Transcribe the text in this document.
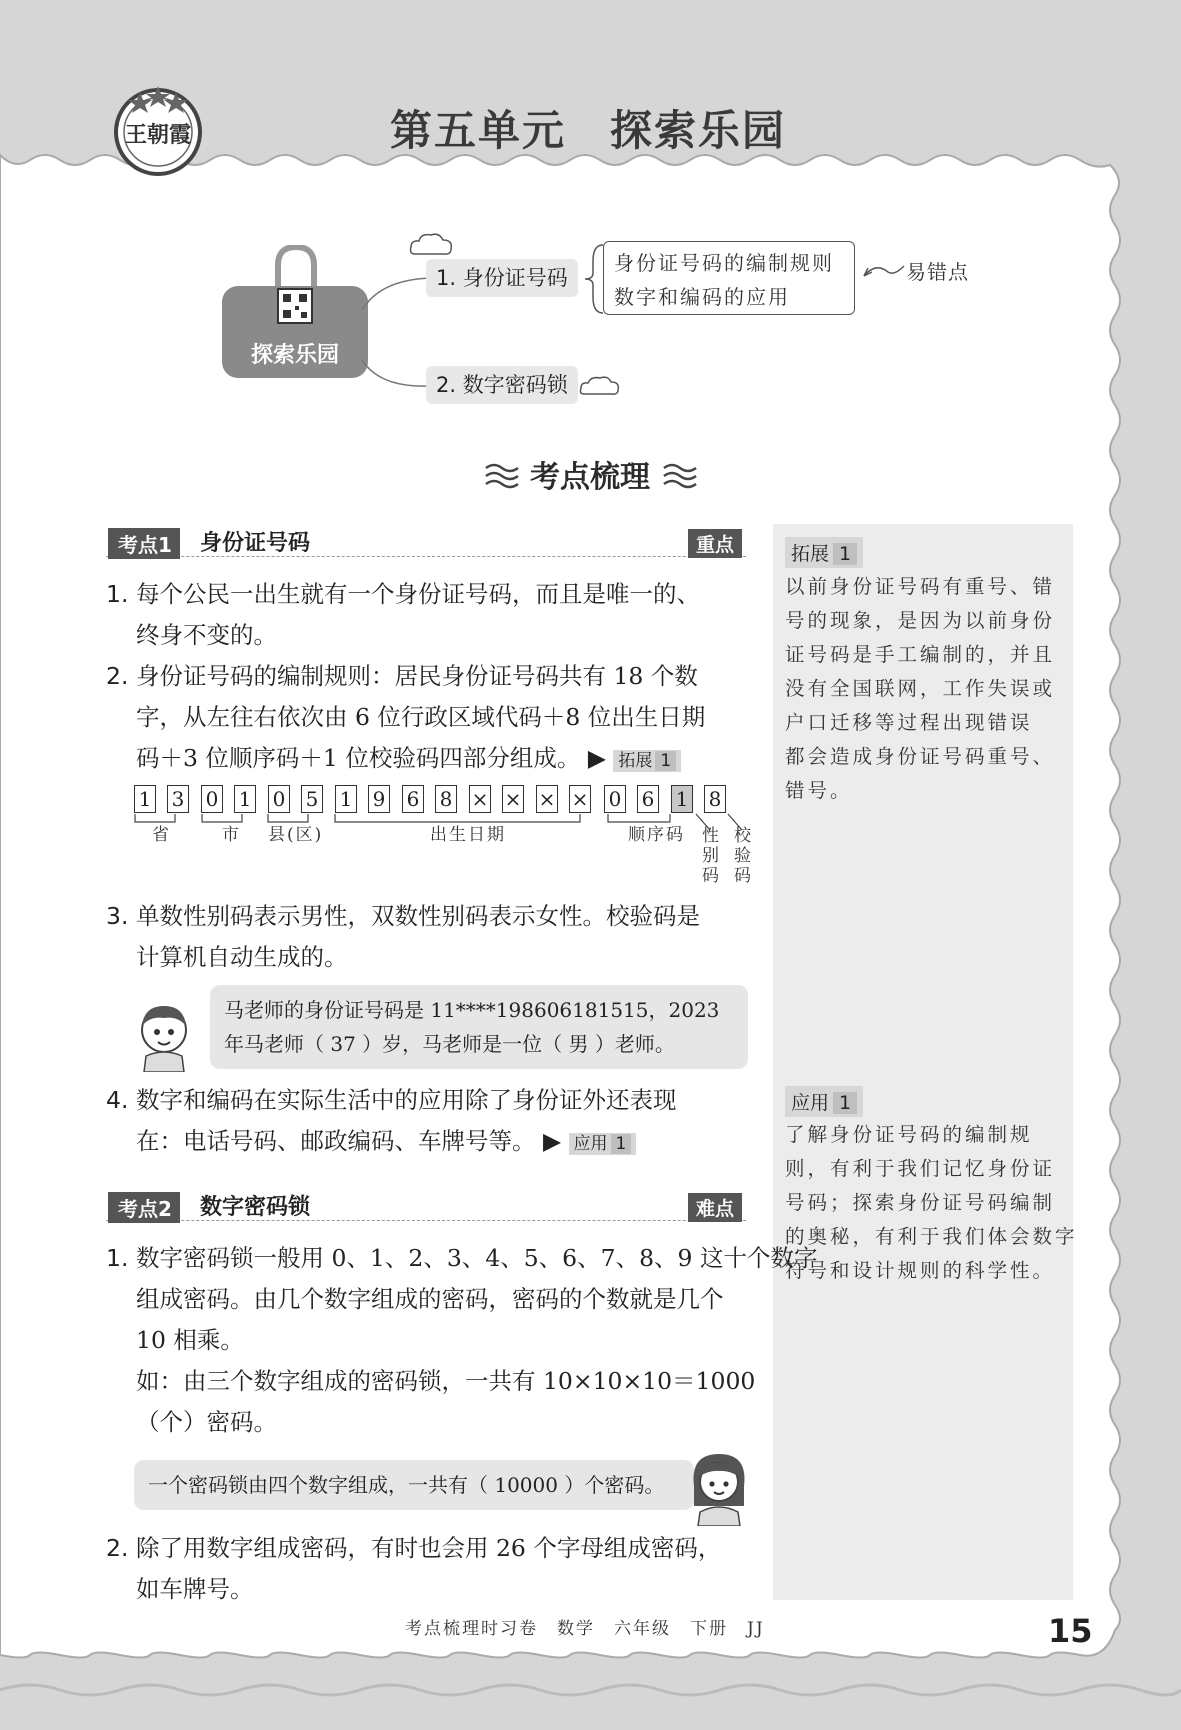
王朝霞	第五单元　探索乐园
探索乐园
1. 身份证号码
身份证号码的编制规则
数字和编码的应用
易错点
2. 数字密码锁
考点梳理
拓展 1
以前身份证号码有重号、错
号的现象，是因为以前身份
证号码是手工编制的，并且
没有全国联网，工作失误或
户口迁移等过程出现错误
都会造成身份证号码重号、
错号。
应用 1
了解身份证号码的编制规
则，有利于我们记忆身份证
号码；探索身份证号码编制
的奥秘，有利于我们体会数字
符号和设计规则的科学性。
考点1	身份证号码	重点
1. 每个公民一出生就有一个身份证号码，而且是唯一的、
终身不变的。
2. 身份证号码的编制规则：居民身份证号码共有 18 个数
字，从左往右依次由 6 位行政区域代码＋8 位出生日期
码＋3 位顺序码＋1 位校验码四部分组成。 ▶ 拓展 1
省	市 县(区)	出生日期	顺序码 性
别
码
校
验
码
3. 单数性别码表示男性，双数性别码表示女性。校验码是
计算机自动生成的。
马老师的身份证号码是 11****198606181515，2023
年马老师（ 37 ）岁，马老师是一位（ 男 ）老师。
4. 数字和编码在实际生活中的应用除了身份证外还表现
在：电话号码、邮政编码、车牌号等。 ▶ 应用 1
考点2	数字密码锁	难点
1. 数字密码锁一般用 0、1、2、3、4、5、6、7、8、9 这十个数字
组成密码。由几个数字组成的密码，密码的个数就是几个
10 相乘。
如：由三个数字组成的密码锁，一共有 10×10×10＝1000
（个）密码。
一个密码锁由四个数字组成，一共有（ 10000 ）个密码。
2. 除了用数字组成密码，有时也会用 26 个字母组成密码，
如车牌号。
考点梳理时习卷　数学　六年级　下册　JJ	15
1 3 0 1 0 5 1 9 6 8 × × × × 0 6 1 8
